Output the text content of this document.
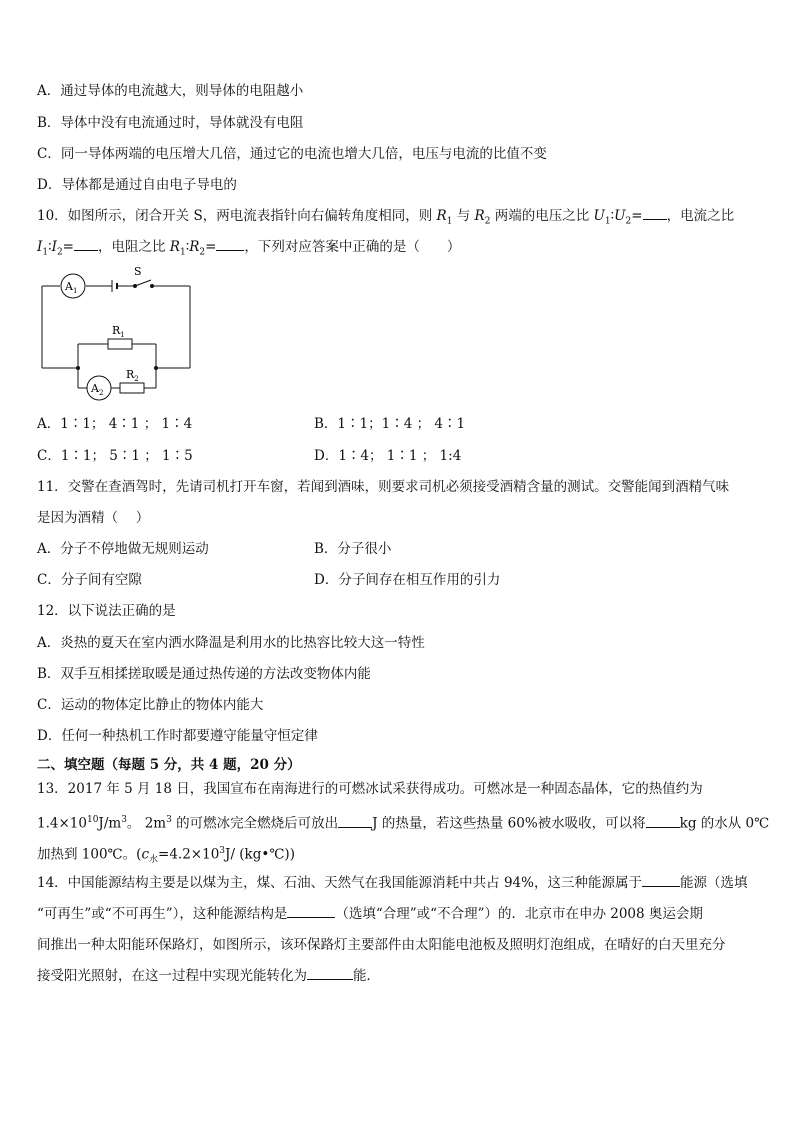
A．通过导体的电流越大，则导体的电阻越小
B．导体中没有电流通过时，导体就没有电阻
C．同一导体两端的电压增大几倍，通过它的电流也增大几倍，电压与电流的比值不变
D．导体都是通过自由电子导电的
10．如图所示，闭合开关 S，两电流表指针向右偏转角度相同，则 $R_1$ 与 $R_2$ 两端的电压之比 $U_1∶U_2=$ ，电流之比
$I_1∶I_2=$ ，电阻之比 $R_1∶R_2=$ ，下列对应答案中正确的是（　　）
$A_1$
S
$R_1$
$A_2$
$R_2$
A．1∶1； 4∶1 ； 1∶4	B．1∶1；1∶4 ； 4∶1
C．1∶1； 5∶1 ； 1∶5	D．1∶4； 1∶1 ； 1:4
11．交警在查酒驾时，先请司机打开车窗，若闻到酒味，则要求司机必须接受酒精含量的测试。交警能闻到酒精气味
是因为酒精（　 ）
A．分子不停地做无规则运动	B．分子很小
C．分子间有空隙	D．分子间存在相互作用的引力
12．以下说法正确的是
A．炎热的夏天在室内洒水降温是利用水的比热容比较大这一特性
B．双手互相揉搓取暖是通过热传递的方法改变物体内能
C．运动的物体定比静止的物体内能大
D．任何一种热机工作时都要遵守能量守恒定律
二、填空题（每题 5 分，共 4 题，20 分）
13．2017 年 5 月 18 日，我国宣布在南海进行的可燃冰试采获得成功。可燃冰是一种固态晶体，它的热值约为
$1.4\times 10^{10}J/m^3$。 $2m^3$ 的可燃冰完全燃烧后可放出	J 的热量，若这些热量 60%被水吸收，可以将	kg 的水从 0℃
加热到 100℃。($c_水=4.2\times 10^3J/$ (kg•℃))
14．中国能源结构主要是以煤为主，煤、石油、天然气在我国能源消耗中共占 94%，这三种能源属于	能源（选填
“可再生”或“不可再生”），这种能源结构是	（选填“合理”或“不合理”）的．北京市在申办 2008 奥运会期
间推出一种太阳能环保路灯，如图所示，该环保路灯主要部件由太阳能电池板及照明灯泡组成，在晴好的白天里充分
接受阳光照射，在这一过程中实现光能转化为	能．
